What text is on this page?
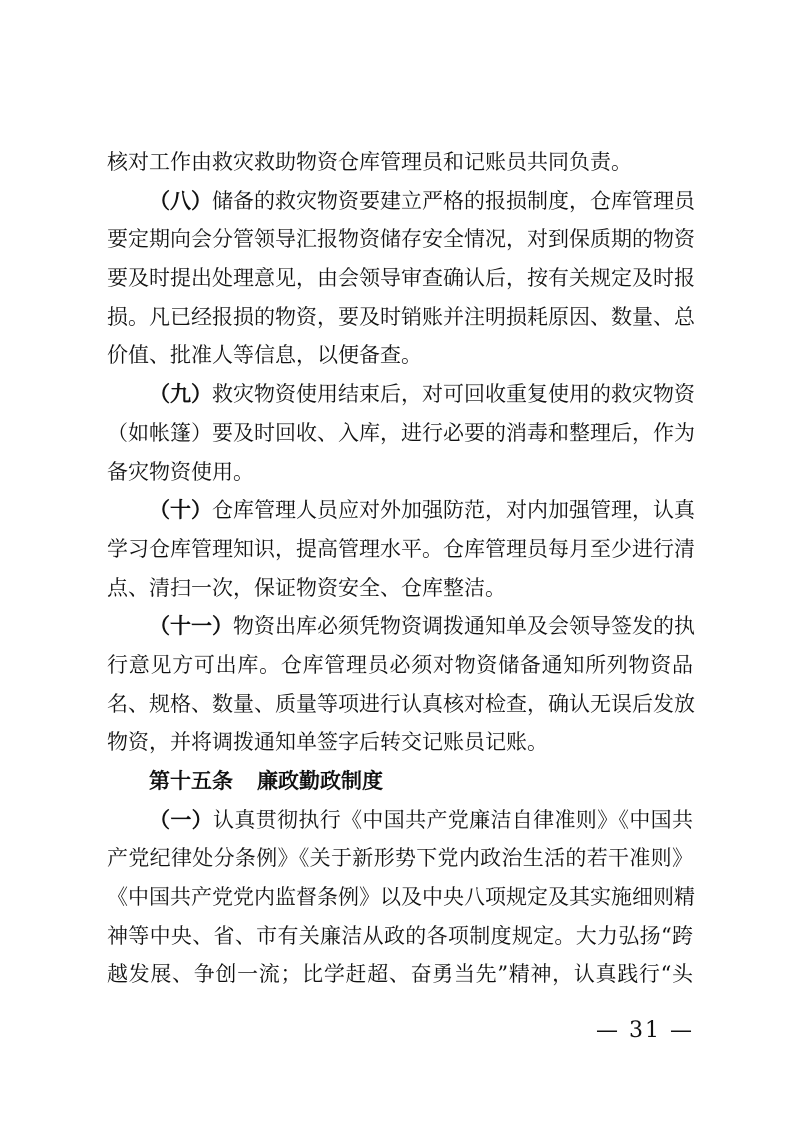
核对工作由救灾救助物资仓库管理员和记账员共同负责。
（八）储备的救灾物资要建立严格的报损制度，仓库管理员
要定期向会分管领导汇报物资储存安全情况，对到保质期的物资
要及时提出处理意见，由会领导审查确认后，按有关规定及时报
损。凡已经报损的物资，要及时销账并注明损耗原因、数量、总
价值、批准人等信息，以便备查。
（九）救灾物资使用结束后，对可回收重复使用的救灾物资
（如帐篷）要及时回收、入库，进行必要的消毒和整理后，作为
备灾物资使用。
（十）仓库管理人员应对外加强防范，对内加强管理，认真
学习仓库管理知识，提高管理水平。仓库管理员每月至少进行清
点、清扫一次，保证物资安全、仓库整洁。
（十一）物资出库必须凭物资调拨通知单及会领导签发的执
行意见方可出库。仓库管理员必须对物资储备通知所列物资品
名、规格、数量、质量等项进行认真核对检查，确认无误后发放
物资，并将调拨通知单签字后转交记账员记账。
第十五条 廉政勤政制度
（一）认真贯彻执行《中国共产党廉洁自律准则》《中国共
产党纪律处分条例》《关于新形势下党内政治生活的若干准则》
《中国共产党党内监督条例》以及中央八项规定及其实施细则精
神等中央、省、市有关廉洁从政的各项制度规定。大力弘扬“跨
越发展、争创一流；比学赶超、奋勇当先”精神，认真践行“头
— 31 —
